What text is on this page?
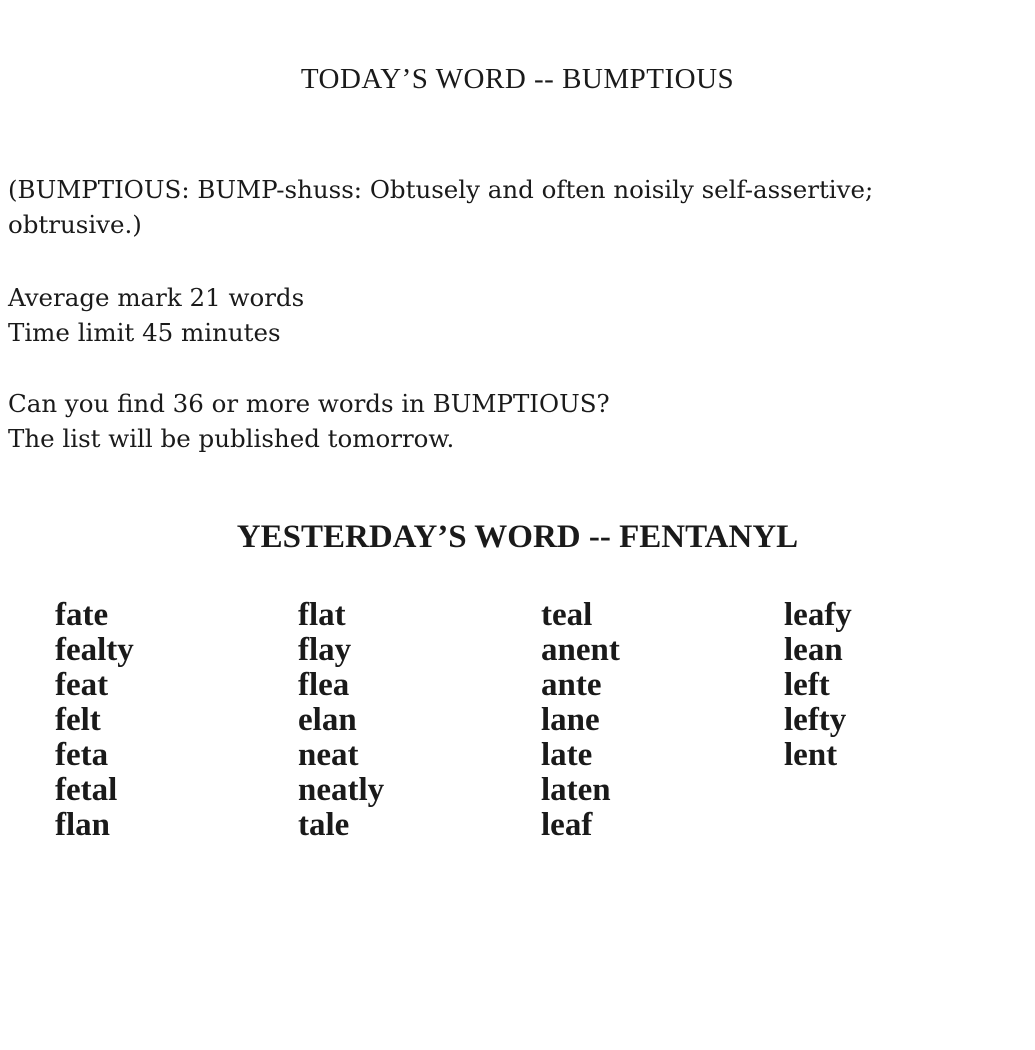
TODAY’S WORD -- BUMPTIOUS

(BUMPTIOUS: BUMP-shuss: Obtusely and often noisily self-assertive;
obtrusive.)

Average mark 21 words
Time limit 45 minutes

Can you find 36 or more words in BUMPTIOUS?
The list will be published tomorrow.

YESTERDAY’S WORD -- FENTANYL
fate
fealty
feat
felt
feta
fetal
flan
flat
flay
flea
elan
neat
neatly
tale
teal
anent
ante
lane
late
laten
leaf
leafy
lean
left
lefty
lent
